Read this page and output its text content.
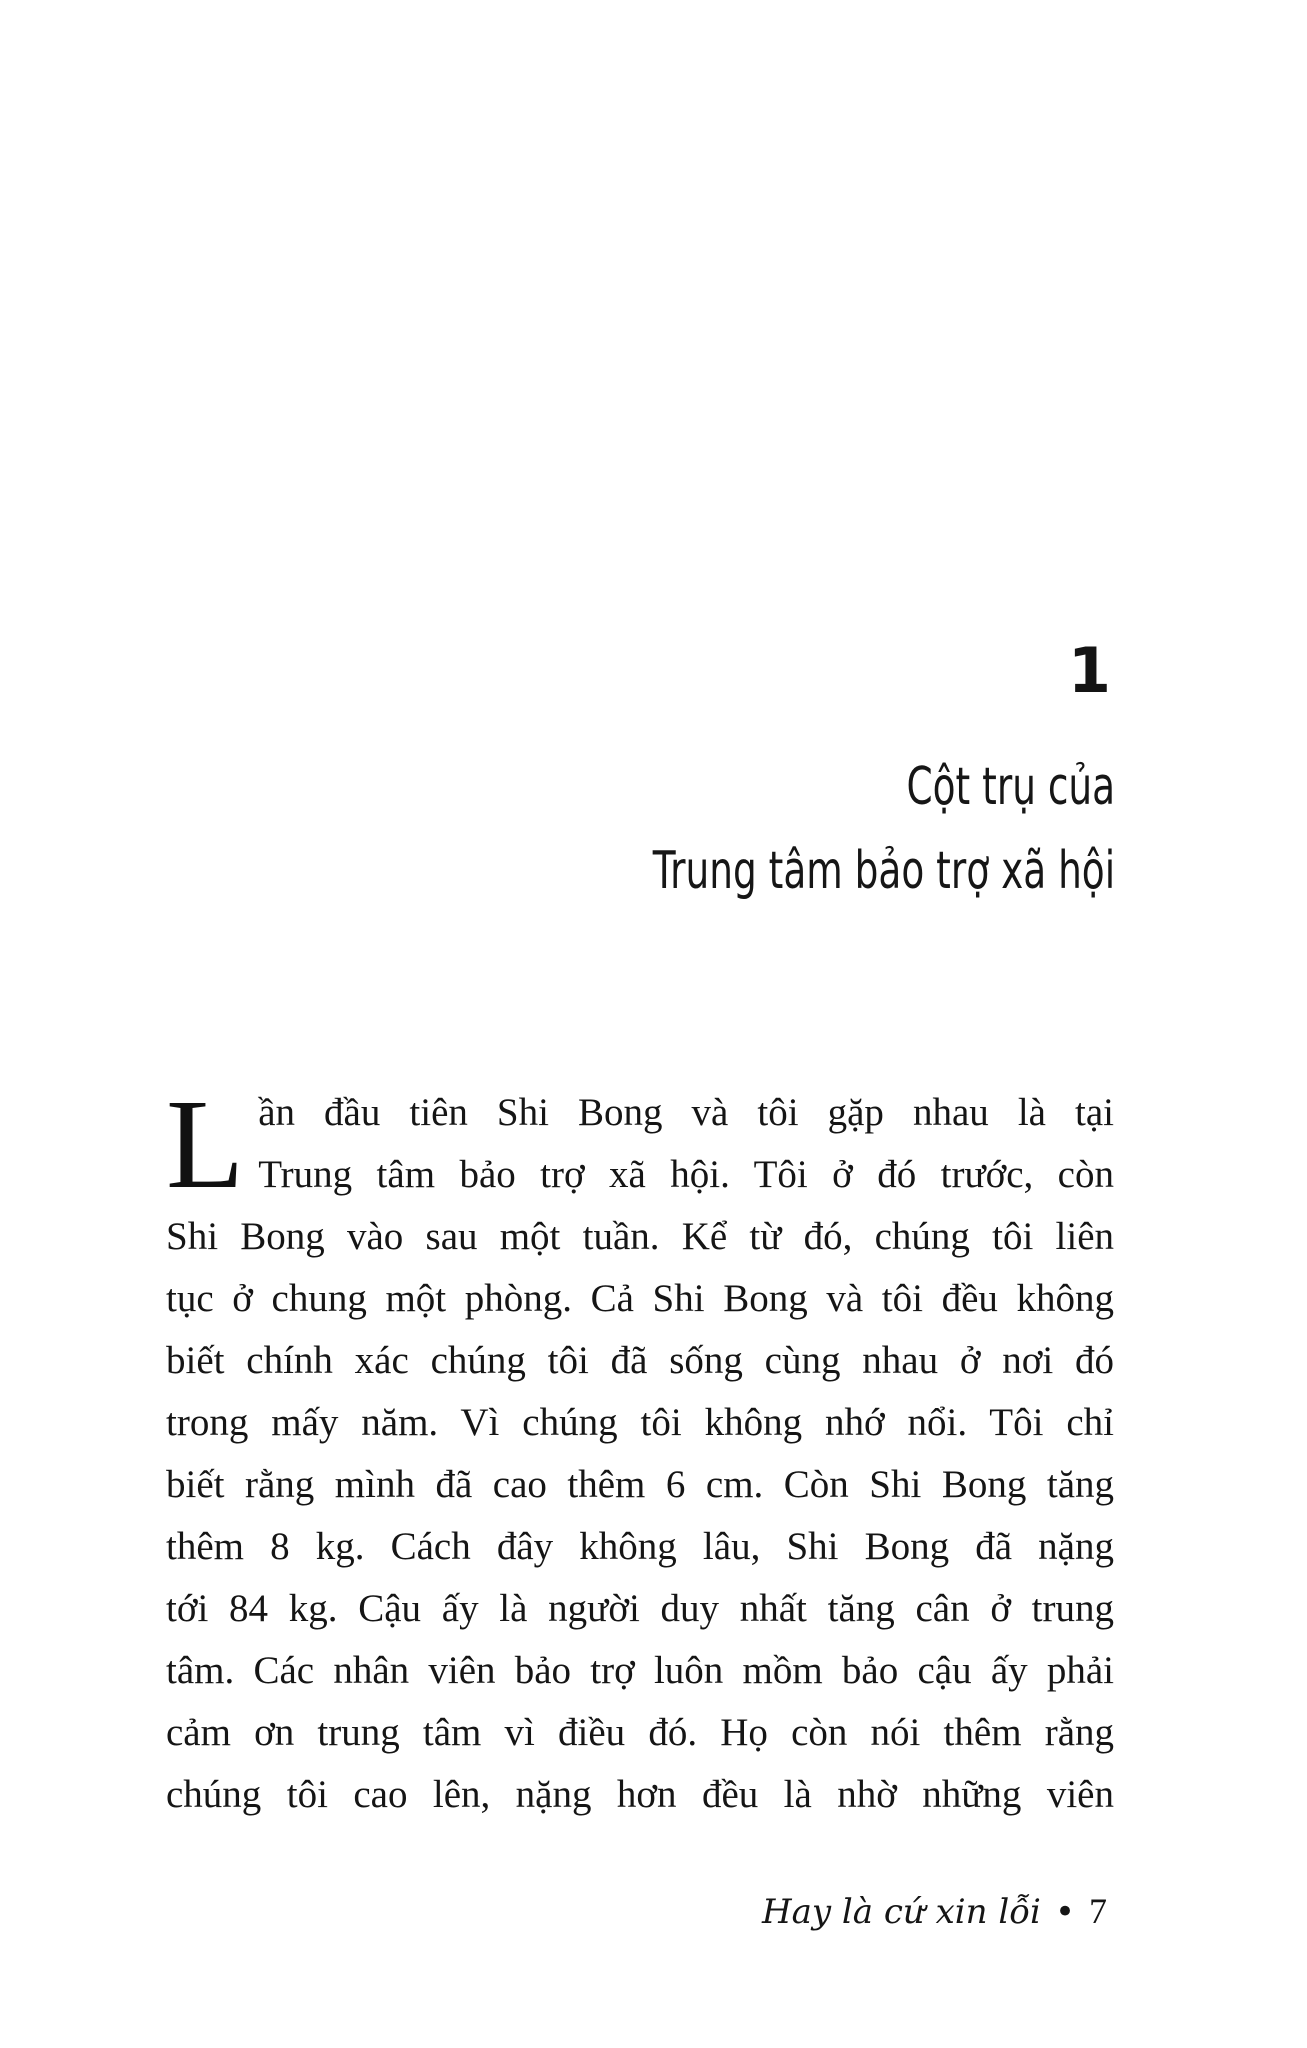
1
Cột trụ của
Trung tâm bảo trợ xã hội
L ần đầu tiên Shi Bong và tôi gặp nhau là tại
Trung tâm bảo trợ xã hội. Tôi ở đó trước, còn
Shi Bong vào sau một tuần. Kể từ đó, chúng tôi liên
tục ở chung một phòng. Cả Shi Bong và tôi đều không
biết chính xác chúng tôi đã sống cùng nhau ở nơi đó
trong mấy năm. Vì chúng tôi không nhớ nổi. Tôi chỉ
biết rằng mình đã cao thêm 6 cm. Còn Shi Bong tăng
thêm 8 kg. Cách đây không lâu, Shi Bong đã nặng
tới 84 kg. Cậu ấy là người duy nhất tăng cân ở trung
tâm. Các nhân viên bảo trợ luôn mồm bảo cậu ấy phải
cảm ơn trung tâm vì điều đó. Họ còn nói thêm rằng
chúng tôi cao lên, nặng hơn đều là nhờ những viên
Hay là cứ xin lỗi • 7
